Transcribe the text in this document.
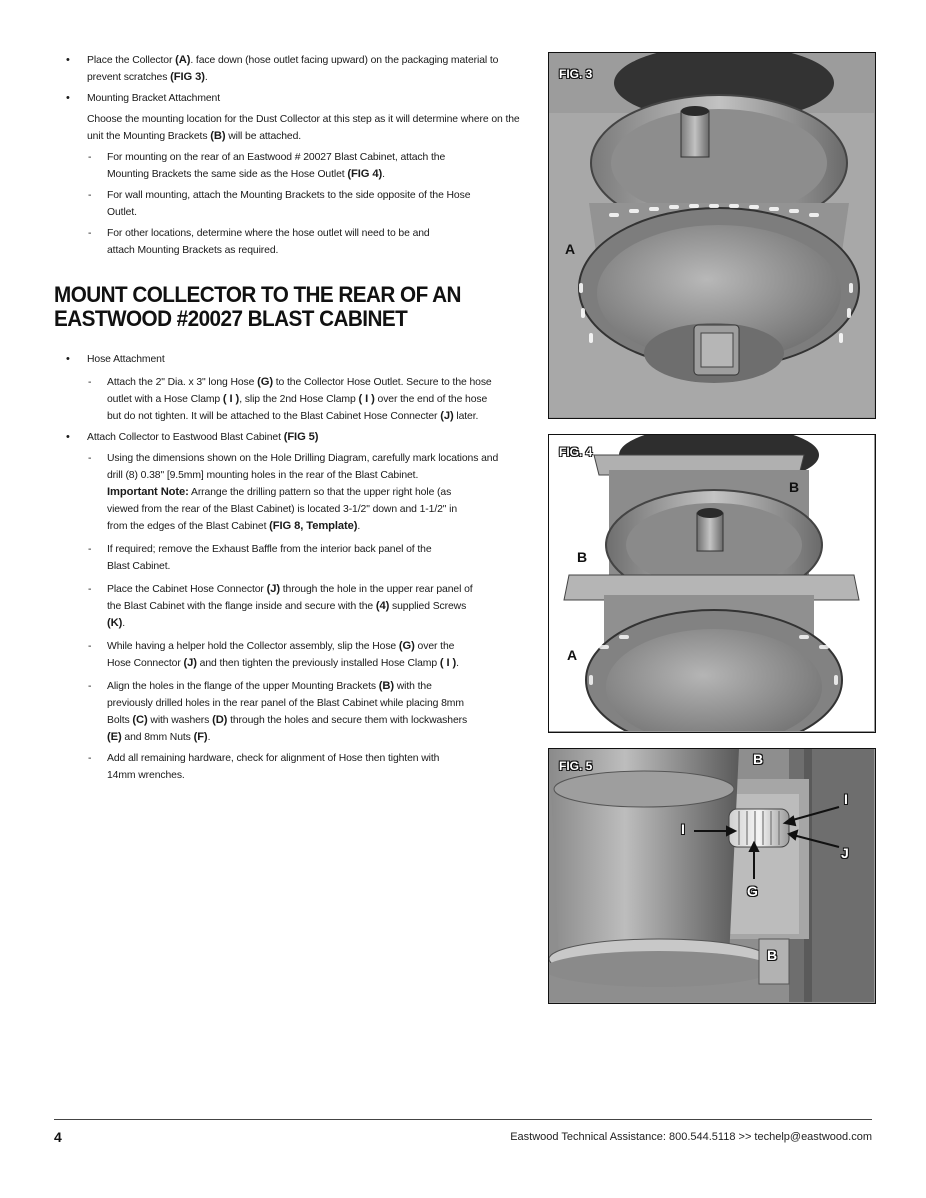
• Place the Collector (A). face down (hose outlet facing upward) on the packaging material to prevent scratches (FIG 3).
• Mounting Bracket Attachment
Choose the mounting location for the Dust Collector at this step as it will determine where on the unit the Mounting Brackets (B) will be attached.
- For mounting on the rear of an Eastwood # 20027 Blast Cabinet, attach the Mounting Brackets the same side as the Hose Outlet (FIG 4).
- For wall mounting, attach the Mounting Brackets to the side opposite of the Hose Outlet.
- For other locations, determine where the hose outlet will need to be and attach Mounting Brackets as required.
MOUNT COLLECTOR TO THE REAR OF AN
EASTWOOD #20027 BLAST CABINET
• Hose Attachment
- Attach the 2" Dia. x 3" long Hose (G) to the Collector Hose Outlet. Secure to the hose outlet with a Hose Clamp ( I ), slip the 2nd Hose Clamp ( I ) over the end of the hose but do not tighten. It will be attached to the Blast Cabinet Hose Connecter (J) later.
• Attach Collector to Eastwood Blast Cabinet (FIG 5)
- Using the dimensions shown on the Hole Drilling Diagram, carefully mark locations and drill (8) 0.38" [9.5mm] mounting holes in the rear of the Blast Cabinet.
Important Note: Arrange the drilling pattern so that the upper right hole (as viewed from the rear of the Blast Cabinet) is located 3-1/2" down and 1-1/2" in from the edges of the Blast Cabinet (FIG 8, Template).
- If required; remove the Exhaust Baffle from the interior back panel of the Blast Cabinet.
- Place the Cabinet Hose Connector (J) through the hole in the upper rear panel of the Blast Cabinet with the flange inside and secure with the (4) supplied Screws (K).
- While having a helper hold the Collector assembly, slip the Hose (G) over the Hose Connector (J) and then tighten the previously installed Hose Clamp ( I ).
- Align the holes in the flange of the upper Mounting Brackets (B) with the previously drilled holes in the rear panel of the Blast Cabinet while placing 8mm Bolts (C) with washers (D) through the holes and secure them with lockwashers (E) and 8mm Nuts (F).
- Add all remaining hardware, check for alignment of Hose then tighten with 14mm wrenches.
FIG. 3
A
FIG. 4
B
B
A
FIG. 5	B
I
I
J
G
B
4	Eastwood Technical Assistance: 800.544.5118 >> techelp@eastwood.com
